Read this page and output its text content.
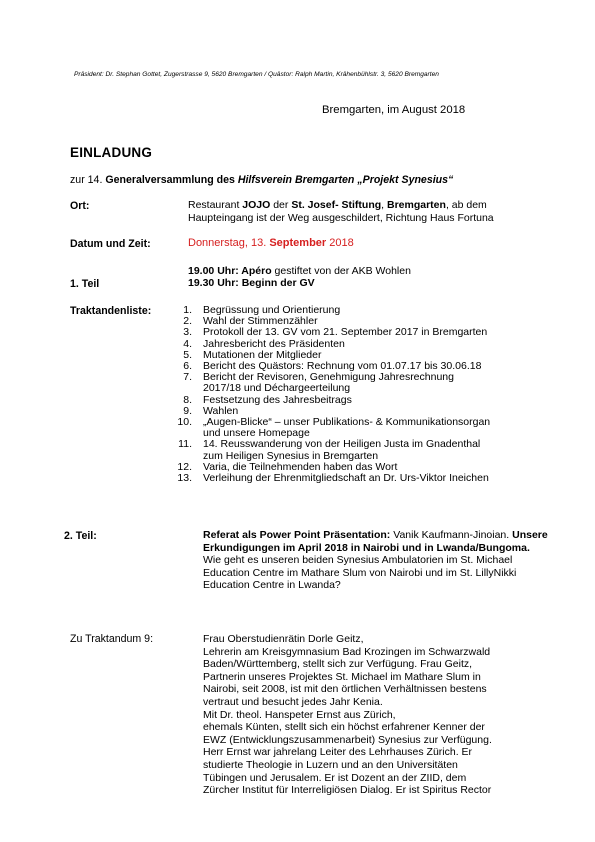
Präsident: Dr. Stephan Gottet, Zugerstrasse 9, 5620 Bremgarten / Quästor: Ralph Martin, Krähenbühlstr. 3, 5620 Bremgarten
Bremgarten, im August 2018
EINLADUNG
zur 14. Generalversammlung des Hilfsverein Bremgarten „Projekt Synesius“
Ort:	Restaurant JOJO der St. Josef- Stiftung, Bremgarten, ab dem
Haupteingang ist der Weg ausgeschildert, Richtung Haus Fortuna
Datum und Zeit:	Donnerstag, 13. September 2018
19.00 Uhr: Apéro gestiftet von der AKB Wohlen
1. Teil	19.30 Uhr: Beginn der GV
Traktandenliste:	1. Begrüssung und Orientierung
2. Wahl der Stimmenzähler
3. Protokoll der 13. GV vom 21. September 2017 in Bremgarten
4. Jahresbericht des Präsidenten
5. Mutationen der Mitglieder
6. Bericht des Quästors: Rechnung vom 01.07.17 bis 30.06.18
7. Bericht der Revisoren, Genehmigung Jahresrechnung
2017/18 und Déchargeerteilung
8. Festsetzung des Jahresbeitrags
9. Wahlen
10. „Augen-Blicke“ – unser Publikations- & Kommunikationsorgan
und unsere Homepage
11. 14. Reusswanderung von der Heiligen Justa im Gnadenthal
zum Heiligen Synesius in Bremgarten
12. Varia, die Teilnehmenden haben das Wort
13. Verleihung der Ehrenmitgliedschaft an Dr. Urs-Viktor Ineichen
2. Teil:	Referat als Power Point Präsentation: Vanik Kaufmann-Jinoian. Unsere Erkundigungen im April 2018 in Nairobi und in Lwanda/Bungoma. Wie geht es unseren beiden Synesius Ambulatorien im St. Michael Education Centre im Mathare Slum von Nairobi und im St. LillyNikki Education Centre in Lwanda?
Zu Traktandum 9:	Frau Oberstudienrätin Dorle Geitz,
Lehrerin am Kreisgymnasium Bad Krozingen im Schwarzwald
Baden/Württemberg, stellt sich zur Verfügung. Frau Geitz,
Partnerin unseres Projektes St. Michael im Mathare Slum in
Nairobi, seit 2008, ist mit den örtlichen Verhältnissen bestens
vertraut und besucht jedes Jahr Kenia.
Mit Dr. theol. Hanspeter Ernst aus Zürich,
ehemals Künten, stellt sich ein höchst erfahrener Kenner der
EWZ (Entwicklungszusammenarbeit) Synesius zur Verfügung.
Herr Ernst war jahrelang Leiter des Lehrhauses Zürich. Er
studierte Theologie in Luzern und an den Universitäten
Tübingen und Jerusalem. Er ist Dozent an der ZIID, dem
Zürcher Institut für Interreligiösen Dialog. Er ist Spiritus Rector
